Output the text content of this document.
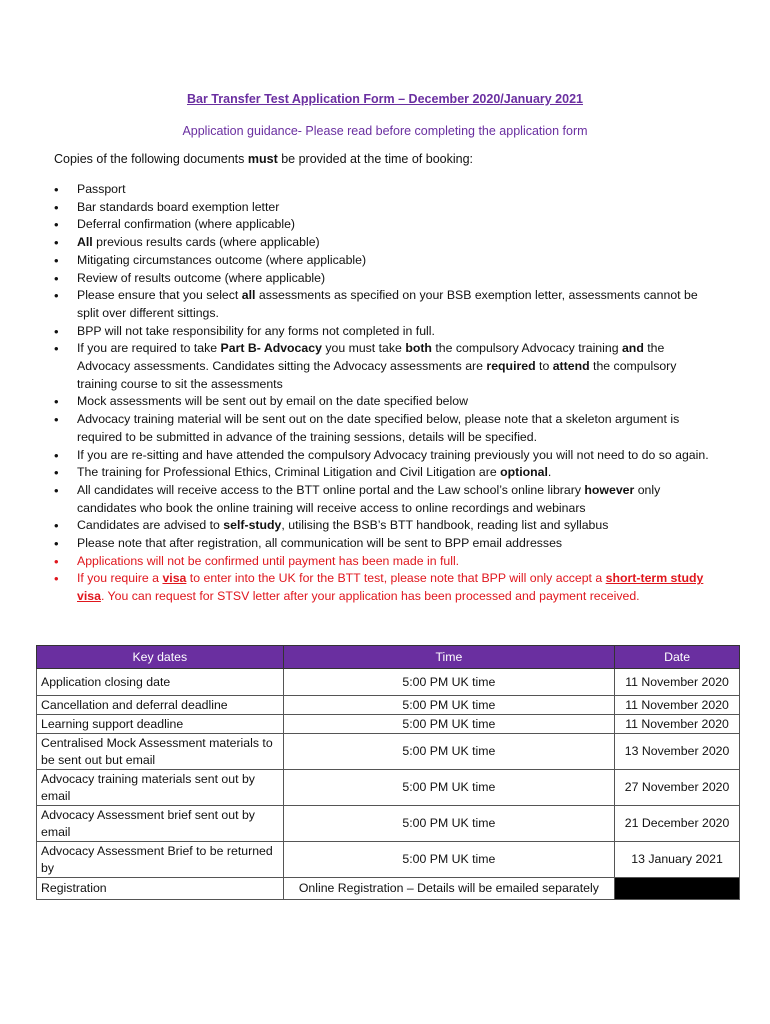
Bar Transfer Test Application Form – December 2020/January 2021
Application guidance- Please read before completing the application form
Copies of the following documents must be provided at the time of booking:
• Passport
• Bar standards board exemption letter
• Deferral confirmation (where applicable)
• All previous results cards (where applicable)
• Mitigating circumstances outcome (where applicable)
• Review of results outcome (where applicable)
• Please ensure that you select all assessments as specified on your BSB exemption letter, assessments cannot be split over different sittings.
• BPP will not take responsibility for any forms not completed in full.
• If you are required to take Part B- Advocacy you must take both the compulsory Advocacy training and the Advocacy assessments. Candidates sitting the Advocacy assessments are required to attend the compulsory training course to sit the assessments
• Mock assessments will be sent out by email on the date specified below
• Advocacy training material will be sent out on the date specified below, please note that a skeleton argument is required to be submitted in advance of the training sessions, details will be specified.
• If you are re-sitting and have attended the compulsory Advocacy training previously you will not need to do so again.
• The training for Professional Ethics, Criminal Litigation and Civil Litigation are optional.
• All candidates will receive access to the BTT online portal and the Law school’s online library however only candidates who book the online training will receive access to online recordings and webinars
• Candidates are advised to self-study, utilising the BSB’s BTT handbook, reading list and syllabus
• Please note that after registration, all communication will be sent to BPP email addresses
• Applications will not be confirmed until payment has been made in full.
• If you require a visa to enter into the UK for the BTT test, please note that BPP will only accept a short-term study visa. You can request for STSV letter after your application has been processed and payment received.
Key dates	Time	Date
Application closing date	5:00 PM UK time	11 November 2020
Cancellation and deferral deadline	5:00 PM UK time	11 November 2020
Learning support deadline	5:00 PM UK time	11 November 2020
Centralised Mock Assessment materials to be sent out but email	5:00 PM UK time	13 November 2020
Advocacy training materials sent out by email	5:00 PM UK time	27 November 2020
Advocacy Assessment brief sent out by email	5:00 PM UK time	21 December 2020
Advocacy Assessment Brief to be returned by	5:00 PM UK time	13 January 2021
Registration	Online Registration – Details will be emailed separately	
